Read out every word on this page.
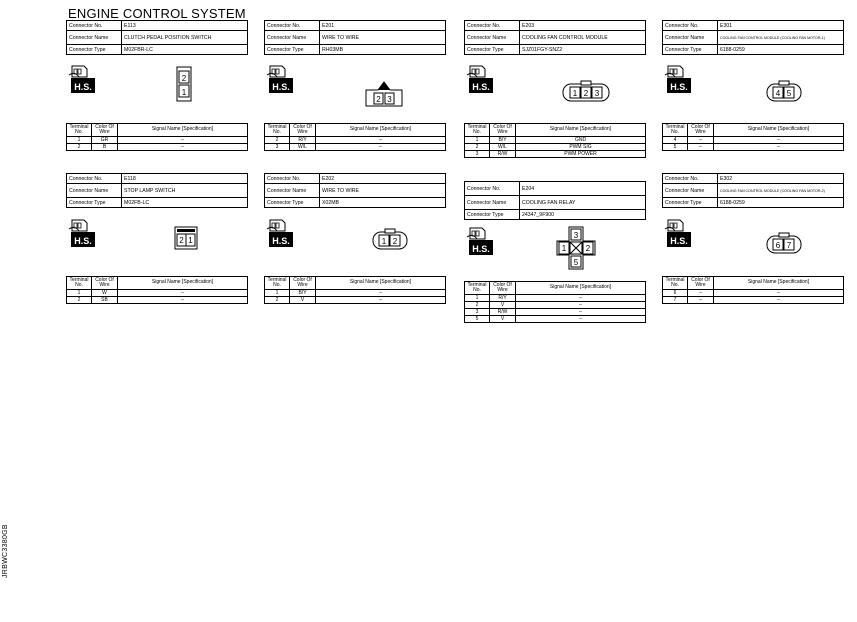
ENGINE CONTROL SYSTEM
JRBWC3380GB
Connector No.	E113
Connector Name	CLUTCH PEDAL POSITION SWITCH
Connector Type	M02FBR-LC
H.S.
2
1
Terminal No.	Color Of Wire	Signal Name [Specification]
1	GR	–
2	B	–
Connector No.	E201
Connector Name	WIRE TO WIRE
Connector Type	RH03MB
H.S.
2 3
Terminal No.	Color Of Wire	Signal Name [Specification]
2	R/Y	–
3	W/L	–
Connector No.	E203
Connector Name	COOLING FAN CONTROL MODULE
Connector Type	SJZ01FGY-SNZ2
H.S.
1 2 3
Terminal No.	Color Of Wire	Signal Name [Specification]
1	B/Y	GND
2	W/L	PWM SIG
3	R/W	PWM POWER
Connector No.	E301
Connector Name	COOLING FAN CONTROL MODULE (COOLING FAN MOTOR-1)
Connector Type	6188-0259
H.S.
4 5
Terminal No.	Color Of Wire	Signal Name [Specification]
4	–	–
5	–	–
Connector No.	E118
Connector Name	STOP LAMP SWITCH
Connector Type	M02FB-LC
H.S.	2 1
Terminal No.	Color Of Wire	Signal Name [Specification]
1	W	–
2	SB	–
Connector No.	E202
Connector Name	WIRE TO WIRE
Connector Type	X02MB
H.S.	1 2
Terminal No.	Color Of Wire	Signal Name [Specification]
1	B/Y	–
2	V	–
Connector No.	E204
Connector Name	COOLING FAN RELAY
Connector Type	24347_9F900
H.S.
3
1 2
5
Terminal No.	Color Of Wire	Signal Name [Specification]
1	R/Y	–
2	V	–
3	R/W	–
5	V	–
Connector No.	E302
Connector Name	COOLING FAN CONTROL MODULE (COOLING FAN MOTOR-2)
Connector Type	6188-0259
H.S.	6 7
Terminal No.	Color Of Wire	Signal Name [Specification]
6	–	–
7	–	–
